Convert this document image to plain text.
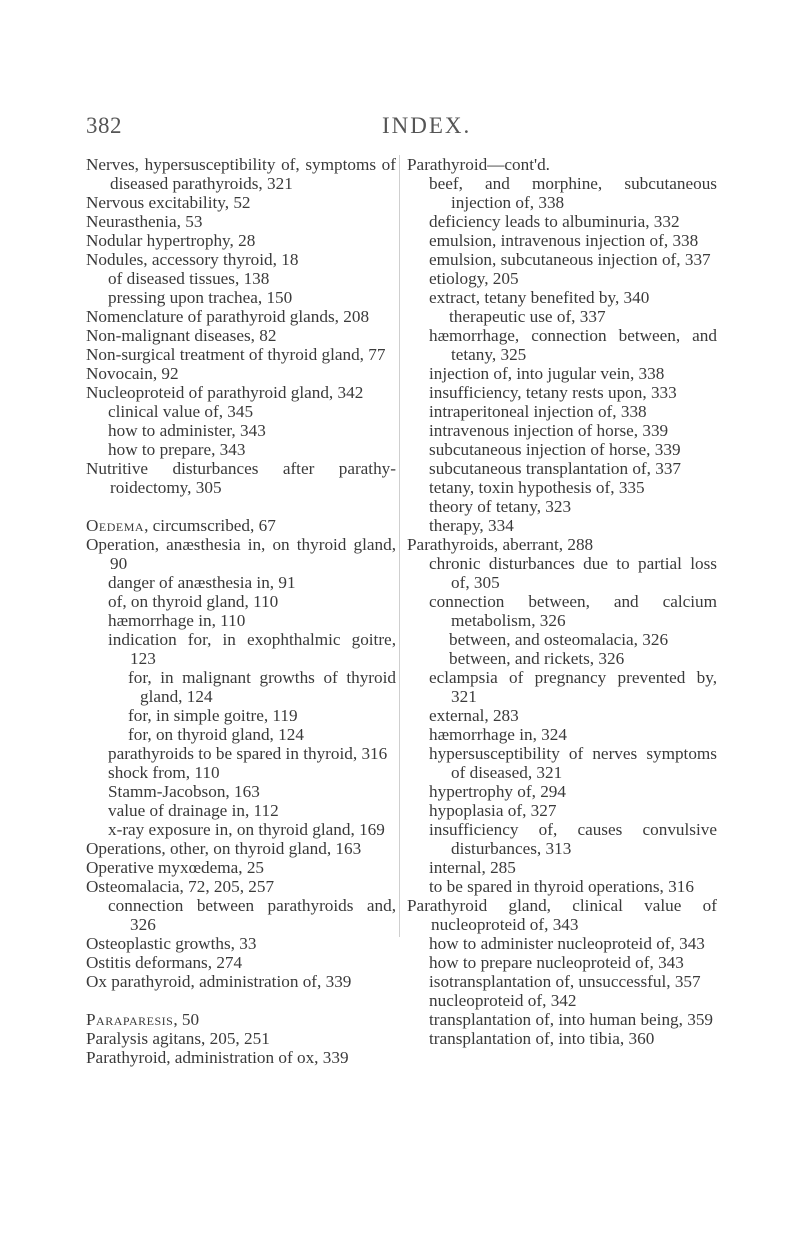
382	INDEX.
Nerves, hypersusceptibility of, symptoms of diseased parathyroids, 321
Nervous excitability, 52
Neurasthenia, 53
Nodular hypertrophy, 28
Nodules, accessory thyroid, 18
of diseased tissues, 138
pressing upon trachea, 150
Nomenclature of parathyroid glands, 208
Non-malignant diseases, 82
Non-surgical treatment of thyroid gland, 77
Novocain, 92
Nucleoproteid of parathyroid gland, 342
clinical value of, 345
how to administer, 343
how to prepare, 343
Nutritive disturbances after parathyroidectomy, 305
Oedema, circumscribed, 67
Operation, anæsthesia in, on thyroid gland, 90
danger of anæsthesia in, 91
of, on thyroid gland, 110
hæmorrhage in, 110
indication for, in exophthalmic goitre, 123
for, in malignant growths of thyroid gland, 124
for, in simple goitre, 119
for, on thyroid gland, 124
parathyroids to be spared in thyroid, 316
shock from, 110
Stamm-Jacobson, 163
value of drainage in, 112
x-ray exposure in, on thyroid gland, 169
Operations, other, on thyroid gland, 163
Operative myxœdema, 25
Osteomalacia, 72, 205, 257
connection between parathyroids and, 326
Osteoplastic growths, 33
Ostitis deformans, 274
Ox parathyroid, administration of, 339
Paraparesis, 50
Paralysis agitans, 205, 251
Parathyroid, administration of ox, 339
Parathyroid—cont'd.
beef, and morphine, subcutaneous injection of, 338
deficiency leads to albuminuria, 332
emulsion, intravenous injection of, 338
emulsion, subcutaneous injection of, 337
etiology, 205
extract, tetany benefited by, 340
therapeutic use of, 337
hæmorrhage, connection between, and tetany, 325
injection of, into jugular vein, 338
insufficiency, tetany rests upon, 333
intraperitoneal injection of, 338
intravenous injection of horse, 339
subcutaneous injection of horse, 339
subcutaneous transplantation of, 337
tetany, toxin hypothesis of, 335
theory of tetany, 323
therapy, 334
Parathyroids, aberrant, 288
chronic disturbances due to partial loss of, 305
connection between, and calcium metabolism, 326
between, and osteomalacia, 326
between, and rickets, 326
eclampsia of pregnancy prevented by, 321
external, 283
hæmorrhage in, 324
hypersusceptibility of nerves symptoms of diseased, 321
hypertrophy of, 294
hypoplasia of, 327
insufficiency of, causes convulsive disturbances, 313
internal, 285
to be spared in thyroid operations, 316
Parathyroid gland, clinical value of nucleoproteid of, 343
how to administer nucleoproteid of, 343
how to prepare nucleoproteid of, 343
isotransplantation of, unsuccessful, 357
nucleoproteid of, 342
transplantation of, into human being, 359
transplantation of, into tibia, 360
